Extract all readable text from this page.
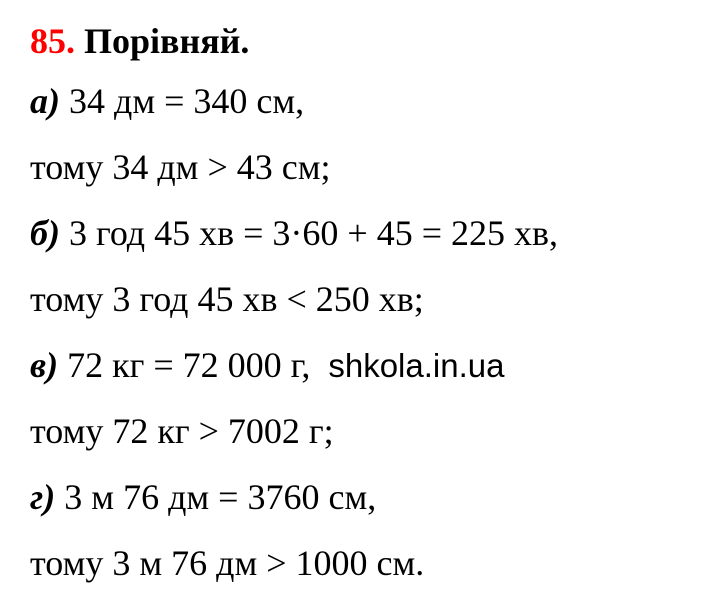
85. Порівняй.
а) 34 дм = 340 см,
тому 34 дм > 43 см;
б) 3 год 45 хв = 3·60 + 45 = 225 хв,
тому 3 год 45 хв < 250 хв;
в) 72 кг = 72 000 г, shkola.in.ua
тому 72 кг > 7002 г;
г) 3 м 76 дм = 3760 см,
тому 3 м 76 дм > 1000 см.
